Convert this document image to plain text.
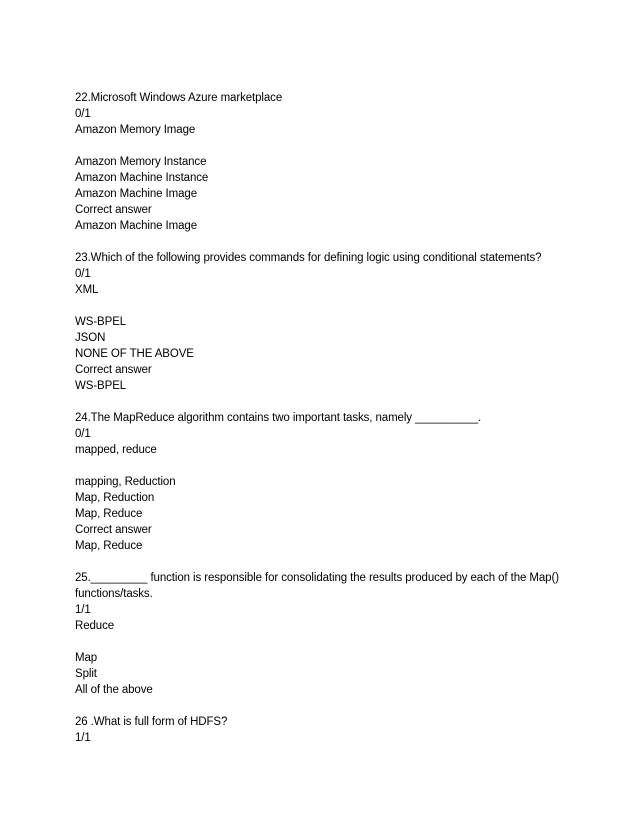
22.Microsoft Windows Azure marketplace
0/1
Amazon Memory Image
Amazon Memory Instance
Amazon Machine Instance
Amazon Machine Image
Correct answer
Amazon Machine Image
23.Which of the following provides commands for defining logic using conditional statements?
0/1
XML
WS-BPEL
JSON
NONE OF THE ABOVE
Correct answer
WS-BPEL
24.The MapReduce algorithm contains two important tasks, namely __________.
0/1
mapped, reduce
mapping, Reduction
Map, Reduction
Map, Reduce
Correct answer
Map, Reduce
25._________ function is responsible for consolidating the results produced by each of the Map()
functions/tasks.
1/1
Reduce
Map
Split
All of the above
26 .What is full form of HDFS?
1/1
